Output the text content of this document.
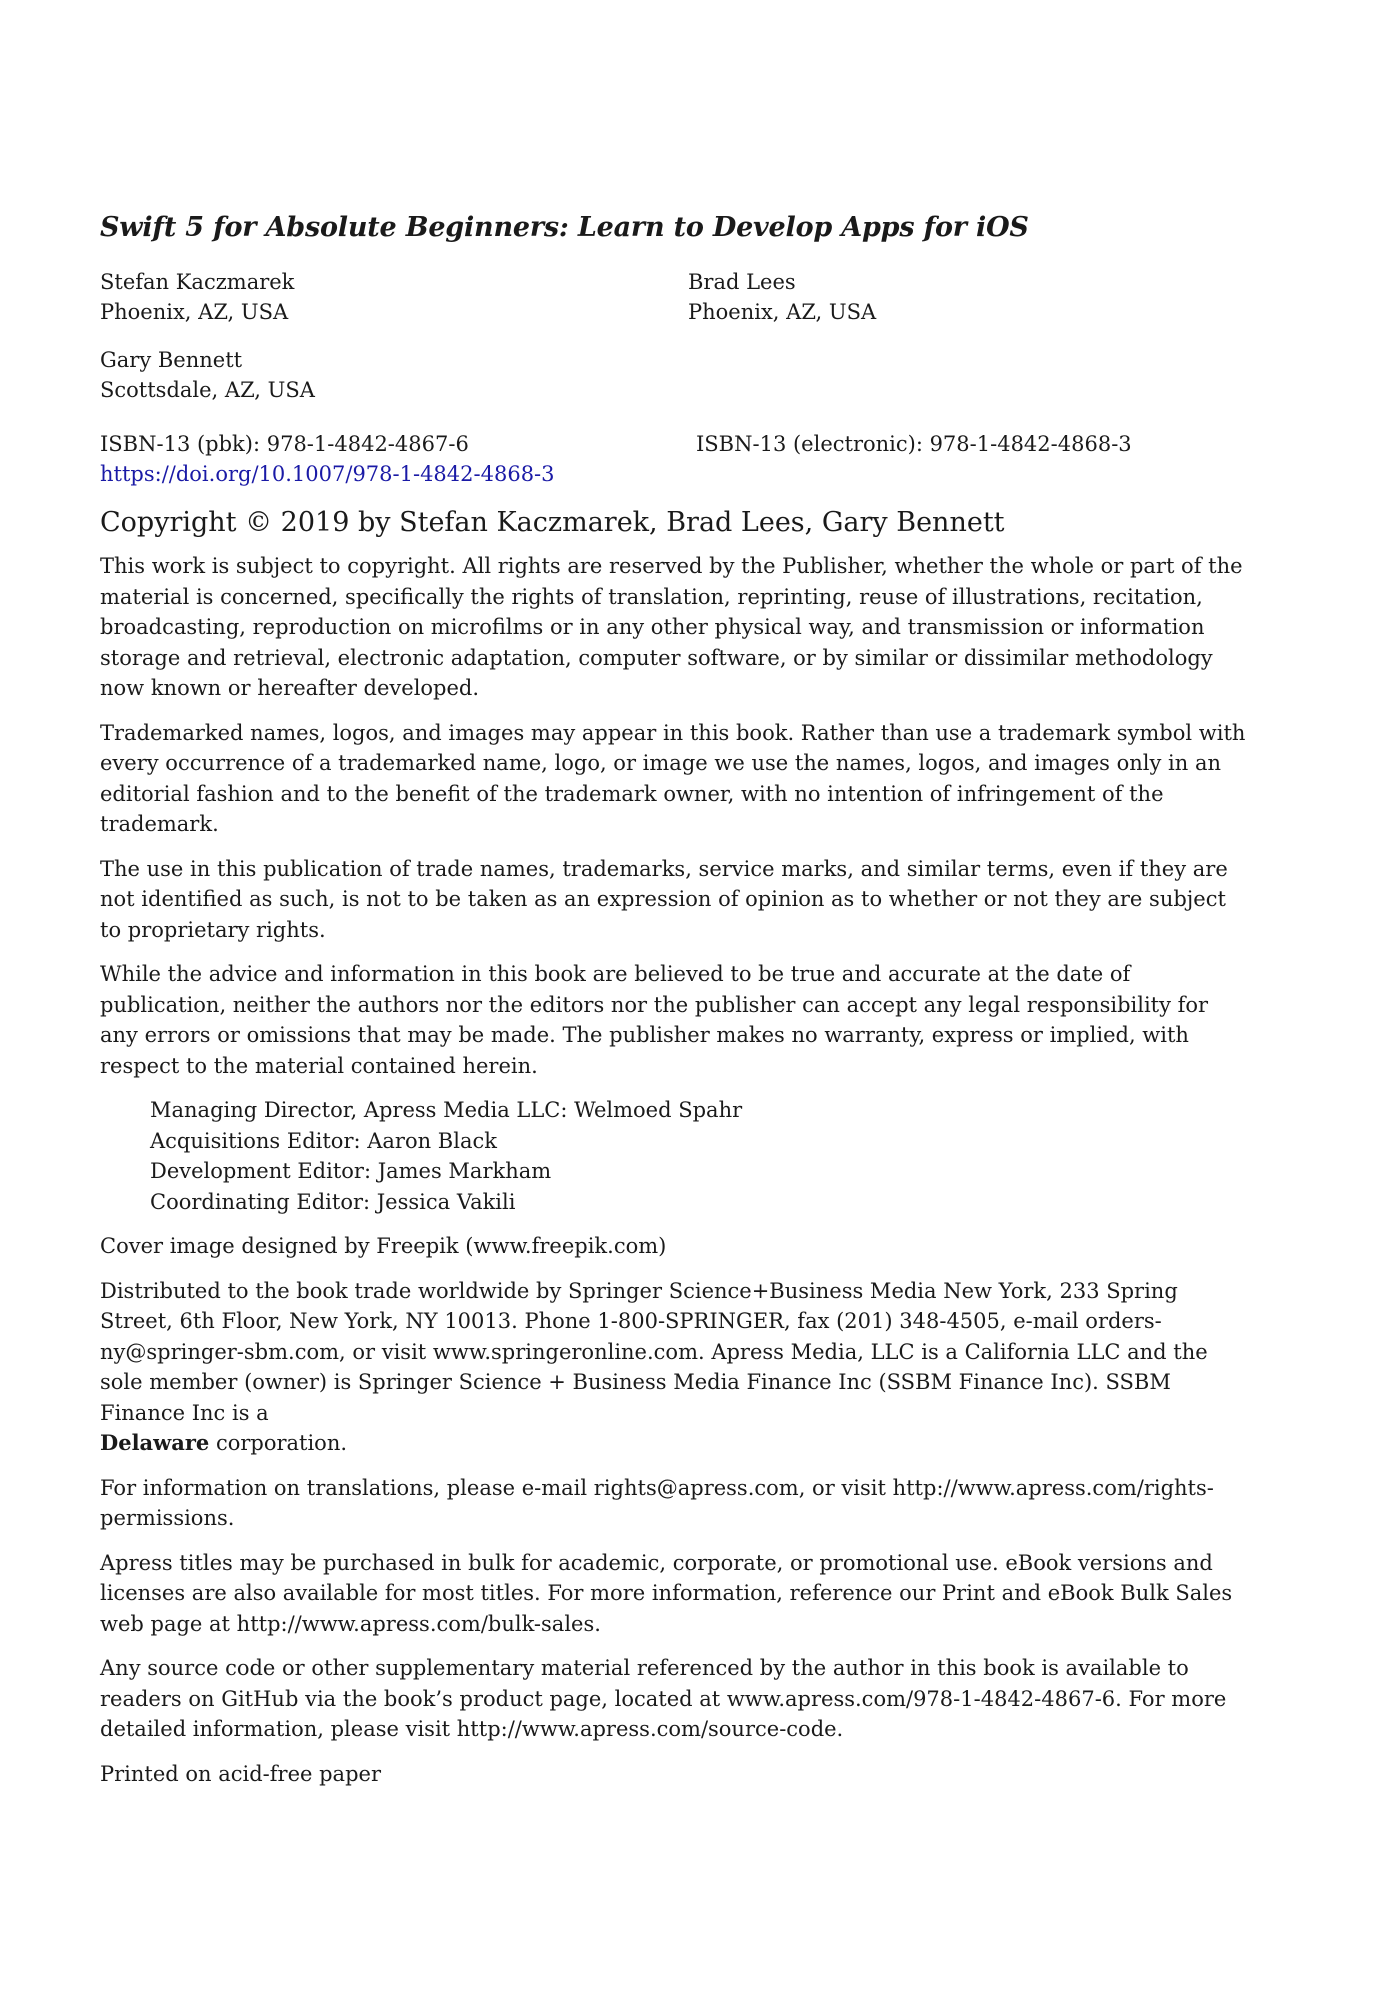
Swift 5 for Absolute Beginners: Learn to Develop Apps for iOS
Stefan Kaczmarek
Phoenix, AZ, USA
Brad Lees
Phoenix, AZ, USA
Gary Bennett
Scottsdale, AZ, USA
ISBN-13 (pbk): 978-1-4842-4867-6	ISBN-13 (electronic): 978-1-4842-4868-3
https://doi.org/10.1007/978-1-4842-4868-3
Copyright © 2019 by Stefan Kaczmarek, Brad Lees, Gary Bennett

This work is subject to copyright. All rights are reserved by the Publisher, whether the whole or part of the material is concerned, specifically the rights of translation, reprinting, reuse of illustrations, recitation, broadcasting, reproduction on microfilms or in any other physical way, and transmission or information storage and retrieval, electronic adaptation, computer software, or by similar or dissimilar methodology now known or hereafter developed.

Trademarked names, logos, and images may appear in this book. Rather than use a trademark symbol with every occurrence of a trademarked name, logo, or image we use the names, logos, and images only in an editorial fashion and to the benefit of the trademark owner, with no intention of infringement of the trademark.

The use in this publication of trade names, trademarks, service marks, and similar terms, even if they are not identified as such, is not to be taken as an expression of opinion as to whether or not they are subject to proprietary rights.

While the advice and information in this book are believed to be true and accurate at the date of publication, neither the authors nor the editors nor the publisher can accept any legal responsibility for any errors or omissions that may be made. The publisher makes no warranty, express or implied, with respect to the material contained herein.

Managing Director, Apress Media LLC: Welmoed Spahr
Acquisitions Editor: Aaron Black
Development Editor: James Markham
Coordinating Editor: Jessica Vakili

Cover image designed by Freepik (www.freepik.com)

Distributed to the book trade worldwide by Springer Science+Business Media New York, 233 Spring Street, 6th Floor, New York, NY 10013. Phone 1-800-SPRINGER, fax (201) 348-4505, e-mail orders-ny@springer-sbm.com, or visit www.springeronline.com. Apress Media, LLC is a California LLC and the sole member (owner) is Springer Science + Business Media Finance Inc (SSBM Finance Inc). SSBM Finance Inc is a
Delaware corporation.

For information on translations, please e-mail rights@apress.com, or visit http://www.apress.com/rights-permissions.

Apress titles may be purchased in bulk for academic, corporate, or promotional use. eBook versions and licenses are also available for most titles. For more information, reference our Print and eBook Bulk Sales web page at http://www.apress.com/bulk-sales.

Any source code or other supplementary material referenced by the author in this book is available to readers on GitHub via the book’s product page, located at www.apress.com/978-1-4842-4867-6. For more detailed information, please visit http://www.apress.com/source-code.

Printed on acid-free paper
